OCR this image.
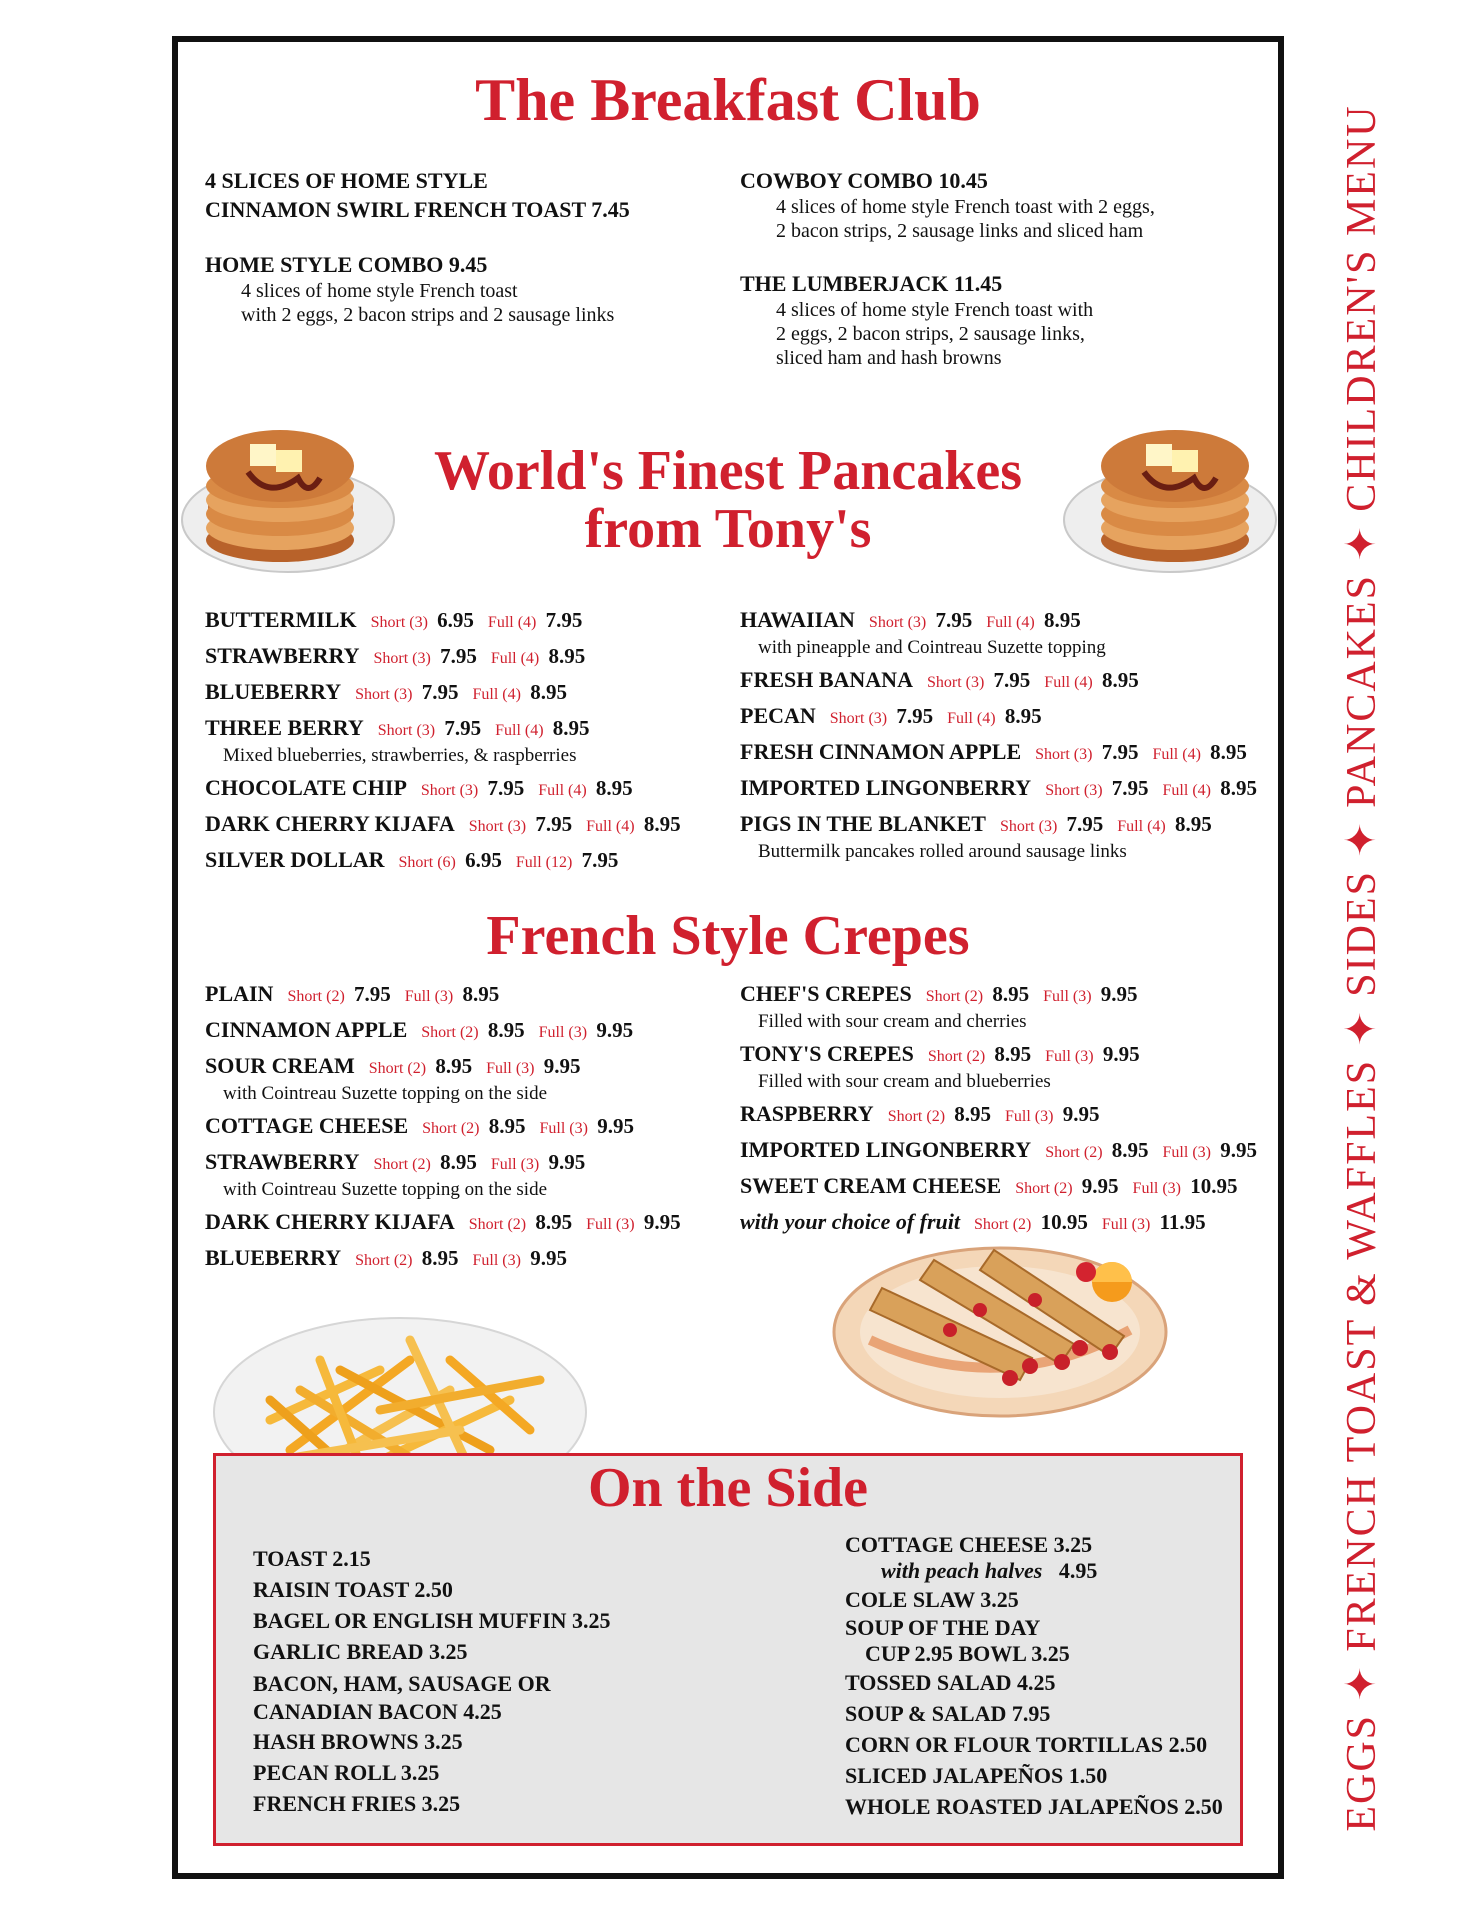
EGGS ✦ FRENCH TOAST & WAFFLES ✦ SIDES ✦ PANCAKES ✦ CHILDREN'S MENU
The Breakfast Club
4 SLICES OF HOME STYLE
CINNAMON SWIRL FRENCH TOAST 7.45
HOME STYLE COMBO 9.45
4 slices of home style French toast
with 2 eggs, 2 bacon strips and 2 sausage links
COWBOY COMBO 10.45
4 slices of home style French toast with 2 eggs,
2 bacon strips, 2 sausage links and sliced ham
THE LUMBERJACK 11.45
4 slices of home style French toast with
2 eggs, 2 bacon strips, 2 sausage links,
sliced ham and hash browns
World's Finest Pancakes
from Tony's
BUTTERMILK Short (3) 6.95 Full (4) 7.95
STRAWBERRY Short (3) 7.95 Full (4) 8.95
BLUEBERRY Short (3) 7.95 Full (4) 8.95
THREE BERRY Short (3) 7.95 Full (4) 8.95
Mixed blueberries, strawberries, & raspberries
CHOCOLATE CHIP Short (3) 7.95 Full (4) 8.95
DARK CHERRY KIJAFA Short (3) 7.95 Full (4) 8.95
SILVER DOLLAR Short (6) 6.95 Full (12) 7.95
HAWAIIAN Short (3) 7.95 Full (4) 8.95
with pineapple and Cointreau Suzette topping
FRESH BANANA Short (3) 7.95 Full (4) 8.95
PECAN Short (3) 7.95 Full (4) 8.95
FRESH CINNAMON APPLE Short (3) 7.95 Full (4) 8.95
IMPORTED LINGONBERRY Short (3) 7.95 Full (4) 8.95
PIGS IN THE BLANKET Short (3) 7.95 Full (4) 8.95
Buttermilk pancakes rolled around sausage links
French Style Crepes
PLAIN Short (2) 7.95 Full (3) 8.95
CINNAMON APPLE Short (2) 8.95 Full (3) 9.95
SOUR CREAM Short (2) 8.95 Full (3) 9.95
with Cointreau Suzette topping on the side
COTTAGE CHEESE Short (2) 8.95 Full (3) 9.95
STRAWBERRY Short (2) 8.95 Full (3) 9.95
with Cointreau Suzette topping on the side
DARK CHERRY KIJAFA Short (2) 8.95 Full (3) 9.95
BLUEBERRY Short (2) 8.95 Full (3) 9.95
CHEF'S CREPES Short (2) 8.95 Full (3) 9.95
Filled with sour cream and cherries
TONY'S CREPES Short (2) 8.95 Full (3) 9.95
Filled with sour cream and blueberries
RASPBERRY Short (2) 8.95 Full (3) 9.95
IMPORTED LINGONBERRY Short (2) 8.95 Full (3) 9.95
SWEET CREAM CHEESE Short (2) 9.95 Full (3) 10.95
with your choice of fruit Short (2) 10.95 Full (3) 11.95
On the Side
TOAST 2.15
RAISIN TOAST 2.50
BAGEL OR ENGLISH MUFFIN 3.25
GARLIC BREAD 3.25
BACON, HAM, SAUSAGE OR
CANADIAN BACON 4.25
HASH BROWNS 3.25
PECAN ROLL 3.25
FRENCH FRIES 3.25
COTTAGE CHEESE 3.25
with peach halves 4.95
COLE SLAW 3.25
SOUP OF THE DAY
CUP 2.95 BOWL 3.25
TOSSED SALAD 4.25
SOUP & SALAD 7.95
CORN OR FLOUR TORTILLAS 2.50
SLICED JALAPEÑOS 1.50
WHOLE ROASTED JALAPEÑOS 2.50
